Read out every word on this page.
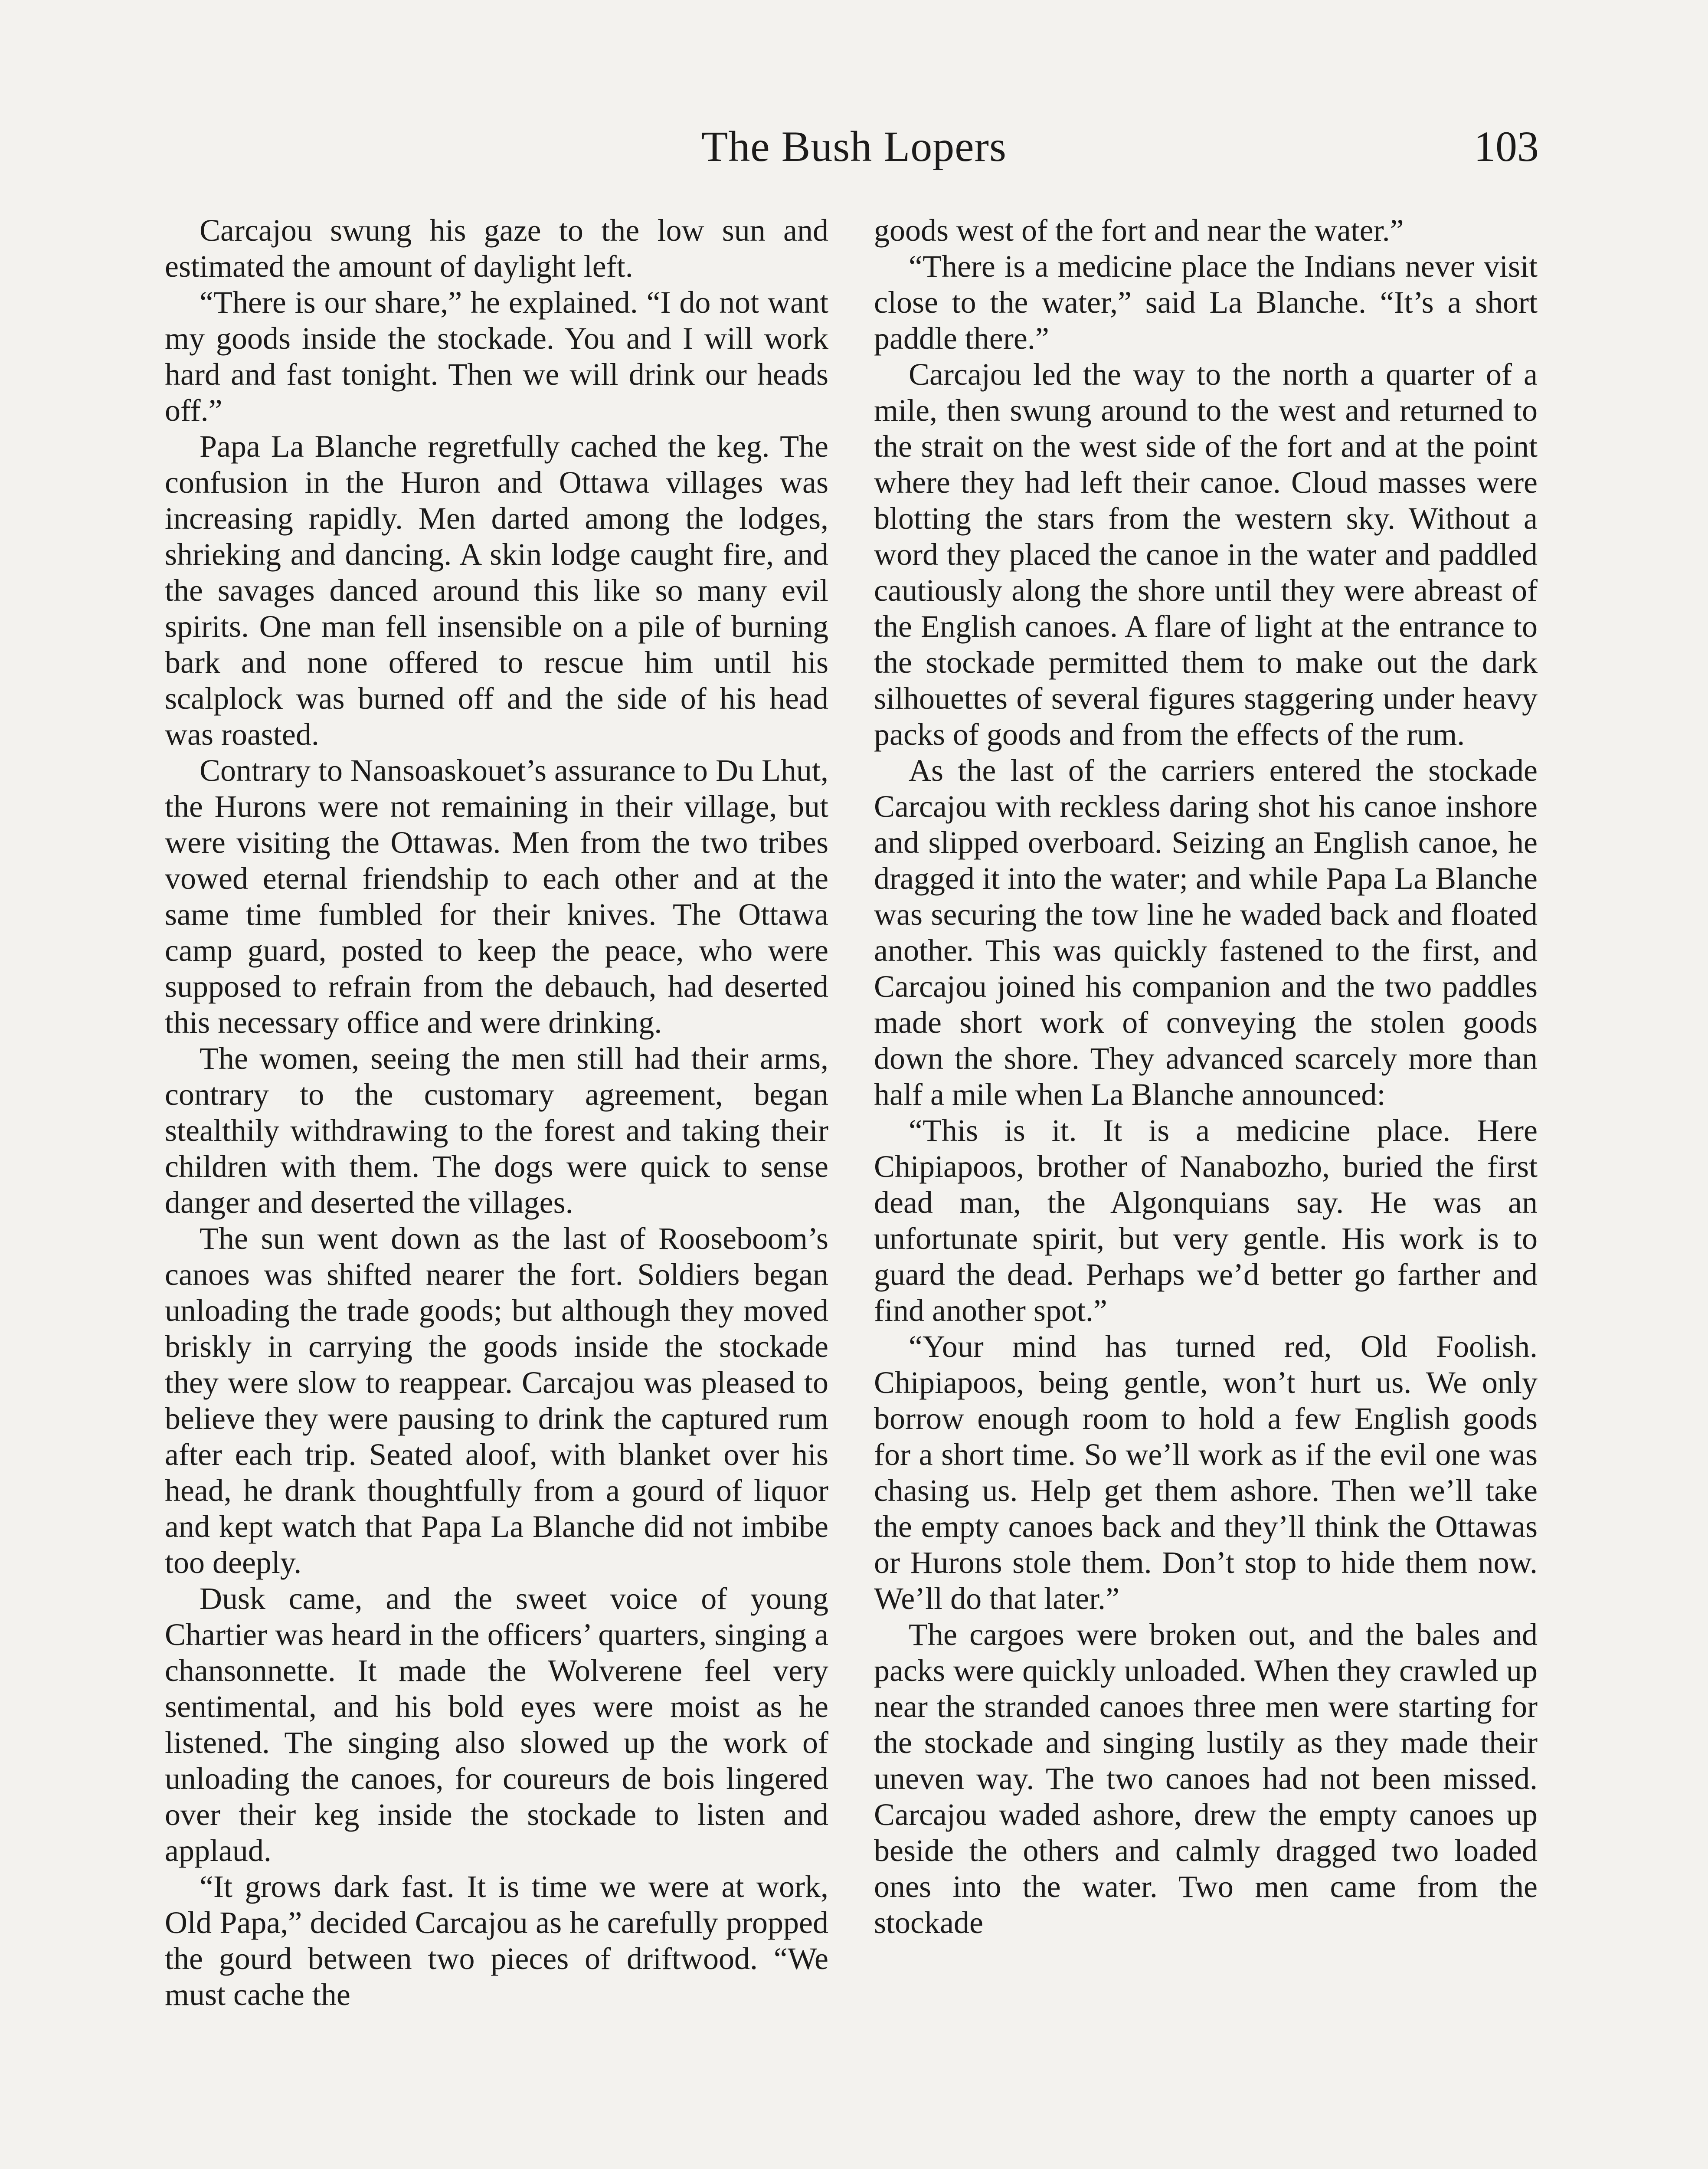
The Bush Lopers	103

Carcajou swung his gaze to the low sun and estimated the amount of daylight left.

“There is our share,” he explained. “I do not want my goods inside the stockade. You and I will work hard and fast tonight. Then we will drink our heads off.”

Papa La Blanche regretfully cached the keg. The confusion in the Huron and Ottawa villages was increasing rapidly. Men darted among the lodges, shrieking and dancing. A skin lodge caught fire, and the savages danced around this like so many evil spirits. One man fell insensible on a pile of burning bark and none offered to rescue him until his scalplock was burned off and the side of his head was roasted.

Contrary to Nansoaskouet’s assurance to Du Lhut, the Hurons were not remaining in their village, but were visiting the Ottawas. Men from the two tribes vowed eternal friendship to each other and at the same time fumbled for their knives. The Ottawa camp guard, posted to keep the peace, who were supposed to refrain from the debauch, had deserted this necessary office and were drinking.

The women, seeing the men still had their arms, contrary to the customary agreement, began stealthily withdrawing to the forest and taking their children with them. The dogs were quick to sense danger and deserted the villages.

The sun went down as the last of Rooseboom’s canoes was shifted nearer the fort. Soldiers began unloading the trade goods; but although they moved briskly in carrying the goods inside the stockade they were slow to reappear. Carcajou was pleased to believe they were pausing to drink the captured rum after each trip. Seated aloof, with blanket over his head, he drank thoughtfully from a gourd of liquor and kept watch that Papa La Blanche did not imbibe too deeply.

Dusk came, and the sweet voice of young Chartier was heard in the officers’ quarters, singing a chansonnette. It made the Wolverene feel very sentimental, and his bold eyes were moist as he listened. The singing also slowed up the work of unloading the canoes, for coureurs de bois lingered over their keg inside the stockade to listen and applaud.

“It grows dark fast. It is time we were at work, Old Papa,” decided Carcajou as he carefully propped the gourd between two pieces of driftwood. “We must cache the

goods west of the fort and near the water.”

“There is a medicine place the Indians never visit close to the water,” said La Blanche. “It’s a short paddle there.”

Carcajou led the way to the north a quarter of a mile, then swung around to the west and returned to the strait on the west side of the fort and at the point where they had left their canoe. Cloud masses were blotting the stars from the western sky. Without a word they placed the canoe in the water and paddled cautiously along the shore until they were abreast of the English canoes. A flare of light at the entrance to the stockade permitted them to make out the dark silhouettes of several figures staggering under heavy packs of goods and from the effects of the rum.

As the last of the carriers entered the stockade Carcajou with reckless daring shot his canoe inshore and slipped overboard. Seizing an English canoe, he dragged it into the water; and while Papa La Blanche was securing the tow line he waded back and floated another. This was quickly fastened to the first, and Carcajou joined his companion and the two paddles made short work of conveying the stolen goods down the shore. They advanced scarcely more than half a mile when La Blanche announced:

“This is it. It is a medicine place. Here Chipiapoos, brother of Nanabozho, buried the first dead man, the Algonquians say. He was an unfortunate spirit, but very gentle. His work is to guard the dead. Perhaps we’d better go farther and find another spot.”

“Your mind has turned red, Old Foolish. Chipiapoos, being gentle, won’t hurt us. We only borrow enough room to hold a few English goods for a short time. So we’ll work as if the evil one was chasing us. Help get them ashore. Then we’ll take the empty canoes back and they’ll think the Ottawas or Hurons stole them. Don’t stop to hide them now. We’ll do that later.”

The cargoes were broken out, and the bales and packs were quickly unloaded. When they crawled up near the stranded canoes three men were starting for the stockade and singing lustily as they made their uneven way. The two canoes had not been missed. Carcajou waded ashore, drew the empty canoes up beside the others and calmly dragged two loaded ones into the water. Two men came from the stockade
